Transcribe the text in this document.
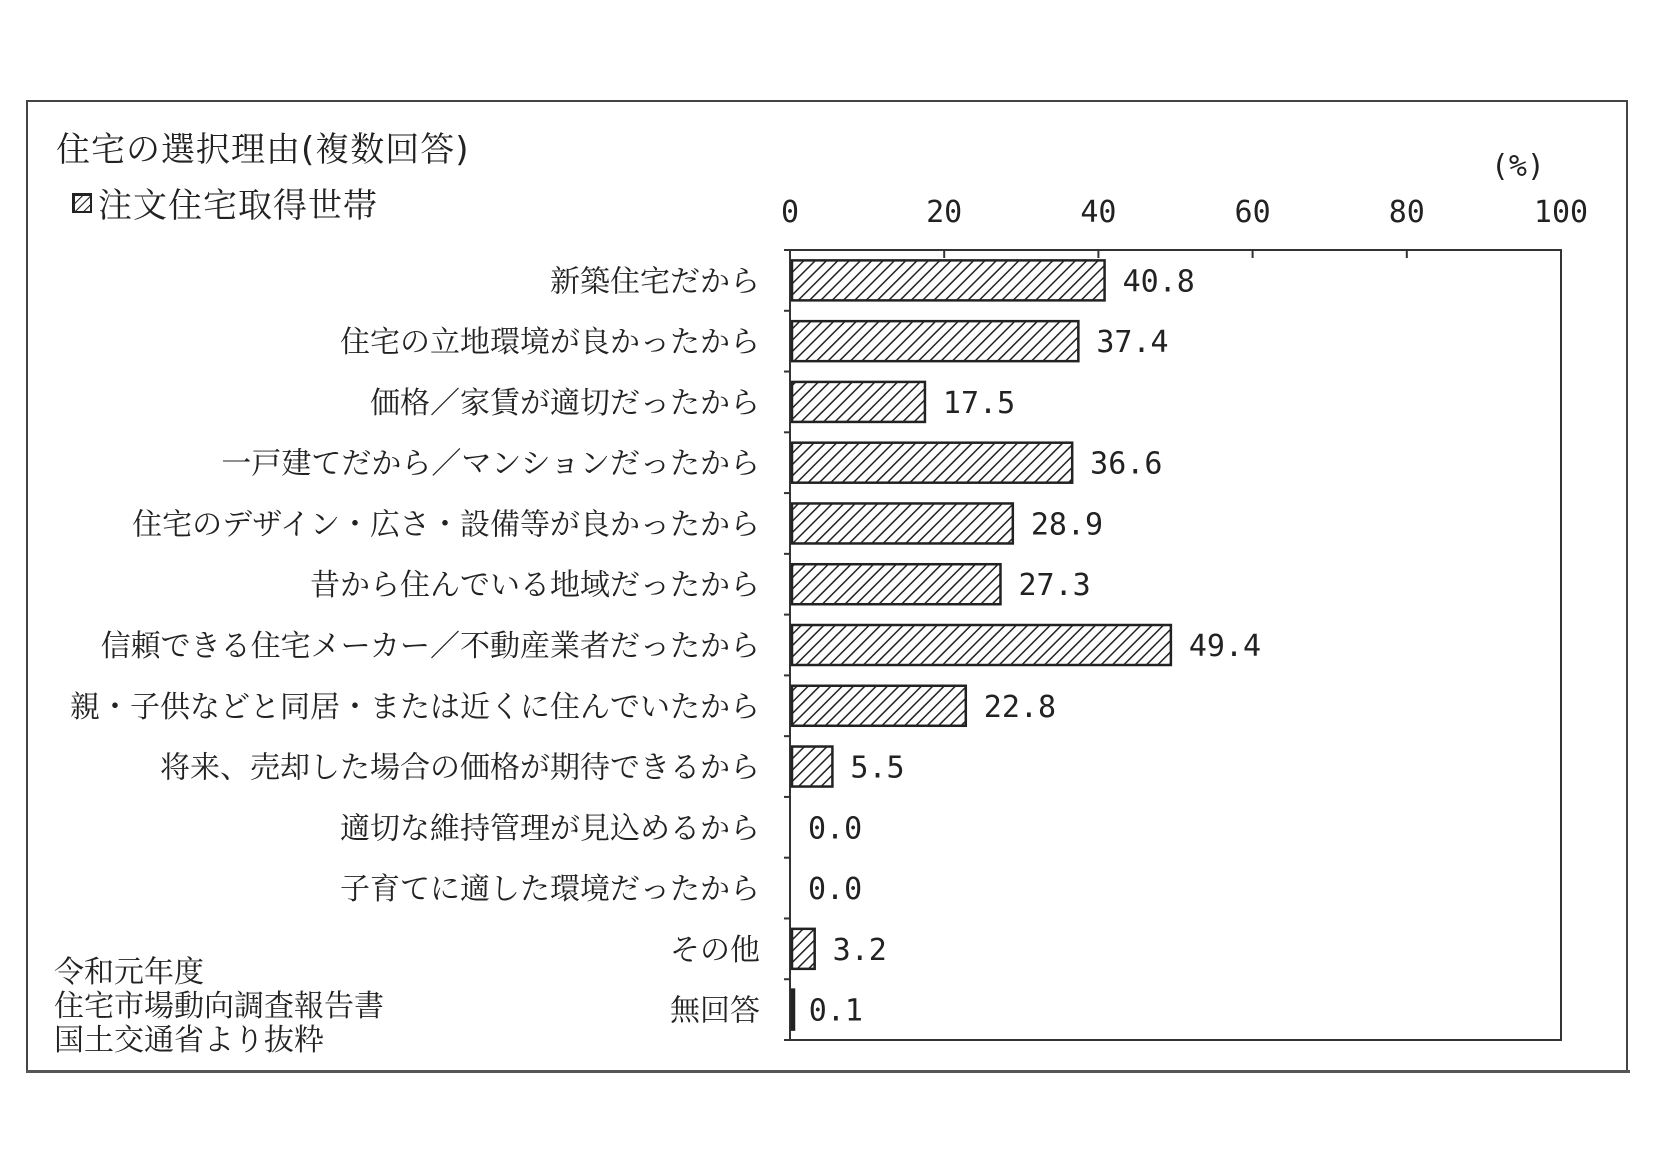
住宅の選択理由(複数回答)
注文住宅取得世帯
令和元年度
住宅市場動向調査報告書
国土交通省より抜粋
(%)
0	20	40	60	80	100
新築住宅だから	40.8
住宅の立地環境が良かったから	37.4
価格／家賃が適切だったから	17.5
一戸建てだから／マンションだったから	36.6
住宅のデザイン・広さ・設備等が良かったから	28.9
昔から住んでいる地域だったから	27.3
信頼できる住宅メーカー／不動産業者だったから	49.4
親・子供などと同居・または近くに住んでいたから	22.8
将来、売却した場合の価格が期待できるから	5.5
適切な維持管理が見込めるから 0.0
子育てに適した環境だったから 0.0
その他 3.2
無回答 0.1
